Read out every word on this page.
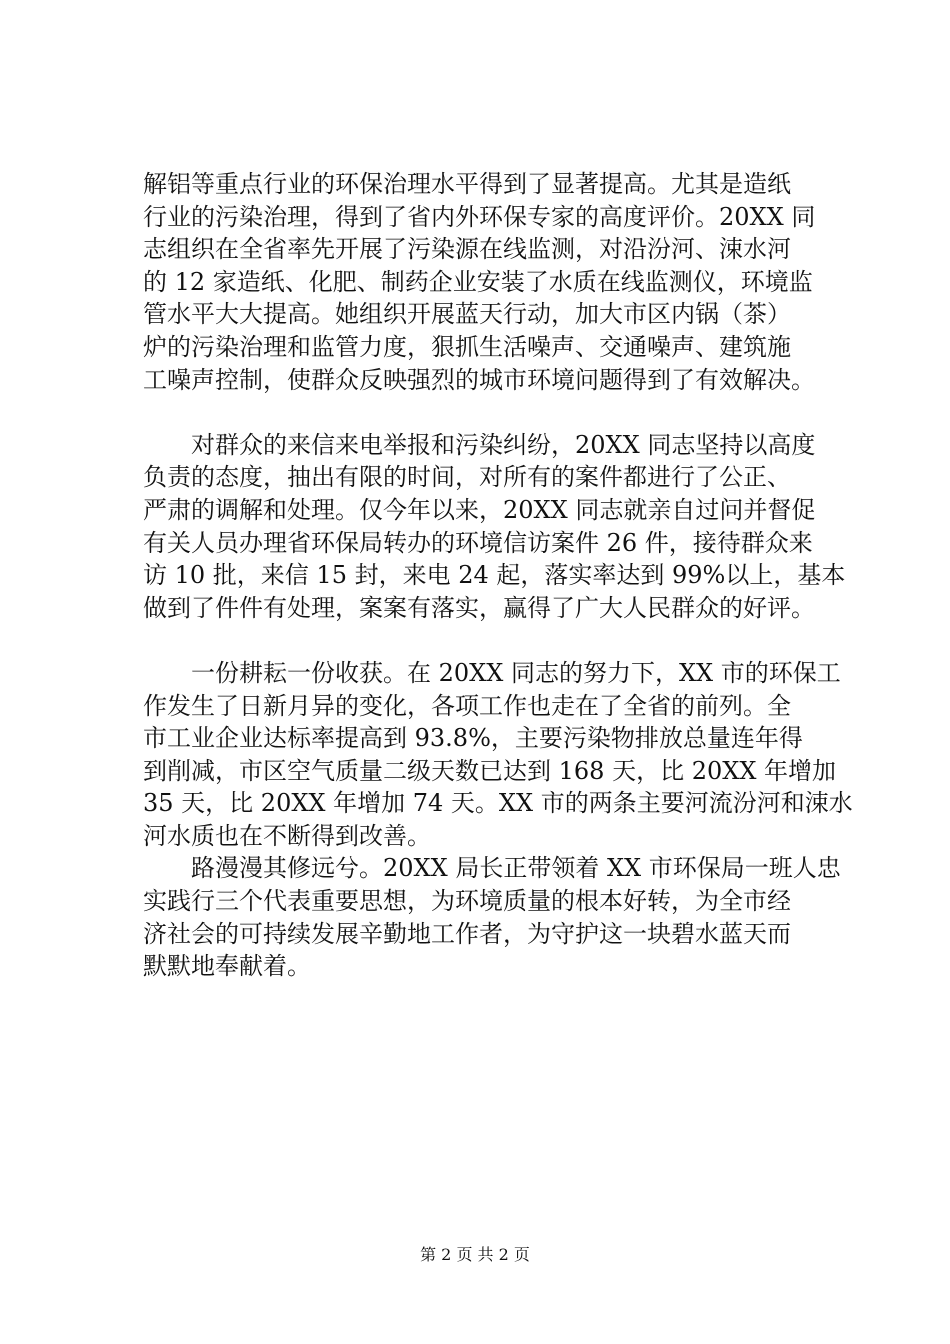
解铝等重点行业的环保治理水平得到了显著提高。尤其是造纸
行业的污染治理，得到了省内外环保专家的高度评价。20XX 同
志组织在全省率先开展了污染源在线监测，对沿汾河、涑水河
的 12 家造纸、化肥、制药企业安装了水质在线监测仪，环境监
管水平大大提高。她组织开展蓝天行动，加大市区内锅（茶）
炉的污染治理和监管力度，狠抓生活噪声、交通噪声、建筑施
工噪声控制，使群众反映强烈的城市环境问题得到了有效解决。
　　对群众的来信来电举报和污染纠纷，20XX 同志坚持以高度
负责的态度，抽出有限的时间，对所有的案件都进行了公正、
严肃的调解和处理。仅今年以来，20XX 同志就亲自过问并督促
有关人员办理省环保局转办的环境信访案件 26 件，接待群众来
访 10 批，来信 15 封，来电 24 起，落实率达到 99%以上，基本
做到了件件有处理，案案有落实，赢得了广大人民群众的好评。
　　一份耕耘一份收获。在 20XX 同志的努力下，XX 市的环保工
作发生了日新月异的变化，各项工作也走在了全省的前列。全
市工业企业达标率提高到 93.8%，主要污染物排放总量连年得
到削减，市区空气质量二级天数已达到 168 天，比 20XX 年增加
35 天，比 20XX 年增加 74 天。XX 市的两条主要河流汾河和涑水
河水质也在不断得到改善。
　　路漫漫其修远兮。20XX 局长正带领着 XX 市环保局一班人忠
实践行三个代表重要思想，为环境质量的根本好转，为全市经
济社会的可持续发展辛勤地工作者，为守护这一块碧水蓝天而
默默地奉献着。
第 2 页 共 2 页
